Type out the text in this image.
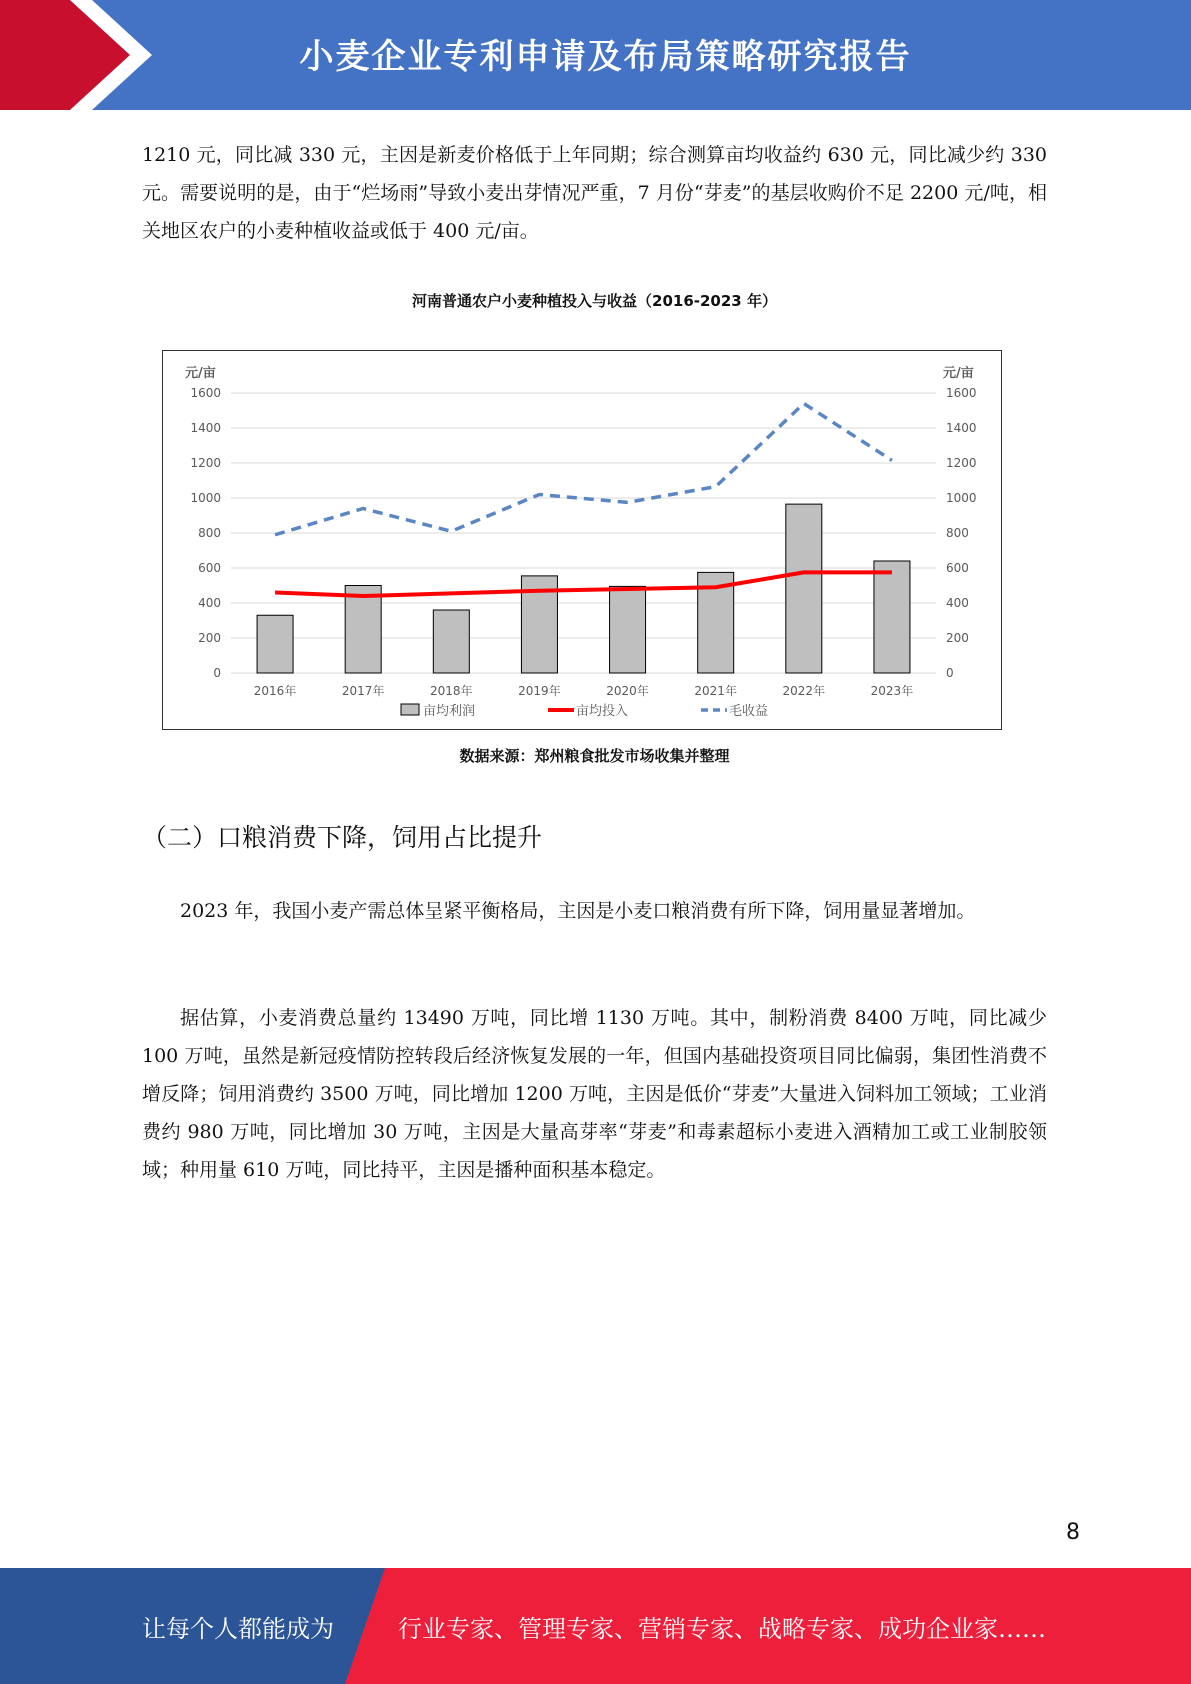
小麦企业专利申请及布局策略研究报告

1210 元，同比减 330 元，主因是新麦价格低于上年同期；综合测算亩均收益约 630 元，同比减少约 330 元。需要说明的是，由于“烂场雨”导致小麦出芽情况严重，7 月份“芽麦”的基层收购价不足 2200 元/吨，相关地区农户的小麦种植收益或低于 400 元/亩。

河南普通农户小麦种植投入与收益（2016-2023 年）
元/亩	元/亩
0	0
200	200
400	400
600	600
800	800
1000	1000
1200	1200
1400	1400
1600	1600
2016年	2017年	2018年	2019年	2020年	2021年	2022年	2023年
亩均利润	亩均投入	毛收益
数据来源：郑州粮食批发市场收集并整理
（二）口粮消费下降，饲用占比提升

2023 年，我国小麦产需总体呈紧平衡格局，主因是小麦口粮消费有所下降，饲用量显著增加。

据估算，小麦消费总量约 13490 万吨，同比增 1130 万吨。其中，制粉消费 8400 万吨，同比减少 100 万吨，虽然是新冠疫情防控转段后经济恢复发展的一年，但国内基础投资项目同比偏弱，集团性消费不增反降；饲用消费约 3500 万吨，同比增加 1200 万吨，主因是低价“芽麦”大量进入饲料加工领域；工业消费约 980 万吨，同比增加 30 万吨，主因是大量高芽率“芽麦”和毒素超标小麦进入酒精加工或工业制胶领域；种用量 610 万吨，同比持平，主因是播种面积基本稳定。

8
让每个人都能成为	行业专家、管理专家、营销专家、战略专家、成功企业家……
